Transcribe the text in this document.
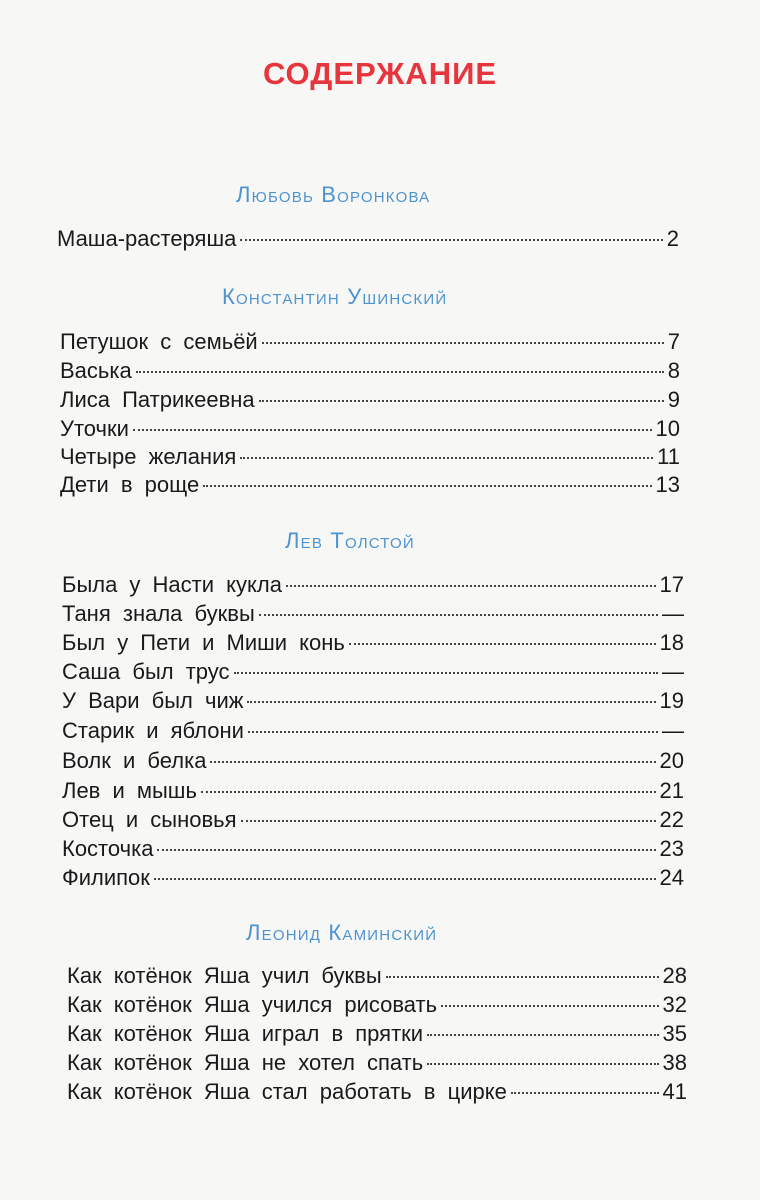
СОДЕРЖАНИЕ
Любовь Воронкова
Маша-растеряша	2
Константин Ушинский
Петушок с семьёй	7
Васька	8
Лиса Патрикеевна	9
Уточки	10
Четыре желания	11
Дети в роще	13
Лев Толстой
Была у Насти кукла	17
Таня знала буквы	—
Был у Пети и Миши конь	18
Саша был трус	—
У Вари был чиж	19
Старик и яблони	—
Волк и белка	20
Лев и мышь	21
Отец и сыновья	22
Косточка	23
Филипок	24
Леонид Каминский
Как котёнок Яша учил буквы	28
Как котёнок Яша учился рисовать	32
Как котёнок Яша играл в прятки	35
Как котёнок Яша не хотел спать	38
Как котёнок Яша стал работать в цирке	41
